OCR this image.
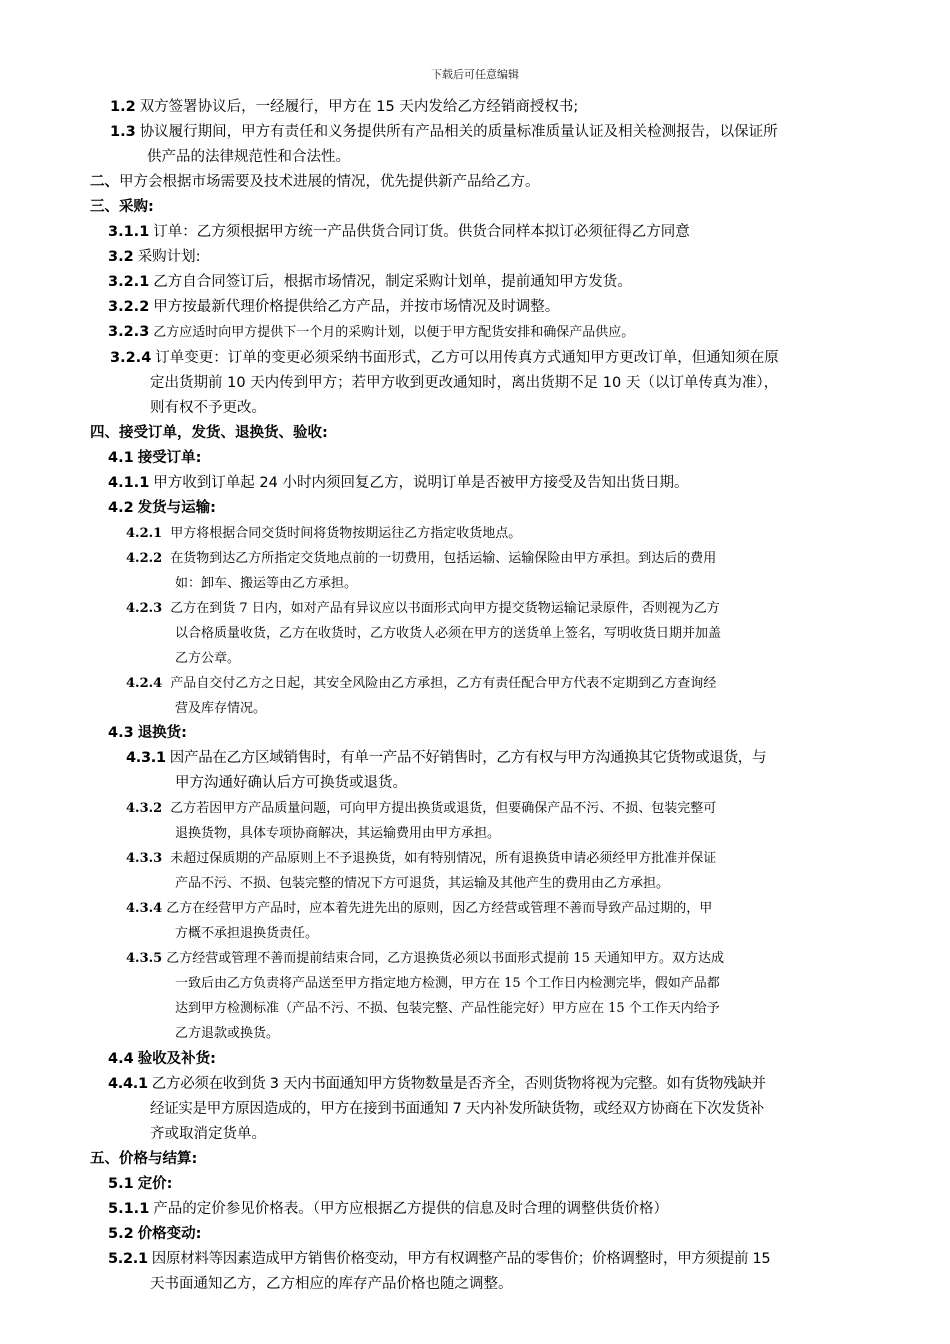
下载后可任意编辑
1.2 双方签署协议后，一经履行，甲方在 15 天内发给乙方经销商授权书;
1.3 协议履行期间，甲方有责任和义务提供所有产品相关的质量标准质量认证及相关检测报告，以保证所
供产品的法律规范性和合法性。
二、甲方会根据市场需要及技术进展的情况，优先提供新产品给乙方。
三、采购:
3.1.1 订单：乙方须根据甲方统一产品供货合同订货。供货合同样本拟订必须征得乙方同意
3.2 采购计划:
3.2.1 乙方自合同签订后，根据市场情况，制定采购计划单，提前通知甲方发货。
3.2.2 甲方按最新代理价格提供给乙方产品，并按市场情况及时调整。
3.2.3 乙方应适时向甲方提供下一个月的采购计划，以便于甲方配货安排和确保产品供应。
3.2.4 订单变更：订单的变更必须采纳书面形式，乙方可以用传真方式通知甲方更改订单，但通知须在原
定出货期前 10 天内传到甲方；若甲方收到更改通知时，离出货期不足 10 天（以订单传真为准），
则有权不予更改。
四、接受订单，发货、退换货、验收:
4.1 接受订单:
4.1.1 甲方收到订单起 24 小时内须回复乙方，说明订单是否被甲方接受及告知出货日期。
4.2 发货与运输:
4.2.1 甲方将根据合同交货时间将货物按期运往乙方指定收货地点。
4.2.2 在货物到达乙方所指定交货地点前的一切费用，包括运输、运输保险由甲方承担。到达后的费用
如：卸车、搬运等由乙方承担。
4.2.3 乙方在到货 7 日内，如对产品有异议应以书面形式向甲方提交货物运输记录原件，否则视为乙方
以合格质量收货，乙方在收货时，乙方收货人必须在甲方的送货单上签名，写明收货日期并加盖
乙方公章。
4.2.4 产品自交付乙方之日起，其安全风险由乙方承担，乙方有责任配合甲方代表不定期到乙方查询经
营及库存情况。
4.3 退换货:
4.3.1 因产品在乙方区域销售时，有单一产品不好销售时，乙方有权与甲方沟通换其它货物或退货，与
甲方沟通好确认后方可换货或退货。
4.3.2 乙方若因甲方产品质量问题，可向甲方提出换货或退货，但要确保产品不污、不损、包装完整可
退换货物，具体专项协商解决，其运输费用由甲方承担。
4.3.3 未超过保质期的产品原则上不予退换货，如有特别情况，所有退换货申请必须经甲方批准并保证
产品不污、不损、包装完整的情况下方可退货，其运输及其他产生的费用由乙方承担。
4.3.4 乙方在经营甲方产品时，应本着先进先出的原则，因乙方经营或管理不善而导致产品过期的，甲
方概不承担退换货责任。
4.3.5 乙方经营或管理不善而提前结束合同，乙方退换货必须以书面形式提前 15 天通知甲方。双方达成
一致后由乙方负责将产品送至甲方指定地方检测，甲方在 15 个工作日内检测完毕，假如产品都
达到甲方检测标准（产品不污、不损、包装完整、产品性能完好）甲方应在 15 个工作天内给予
乙方退款或换货。
4.4 验收及补货:
4.4.1 乙方必须在收到货 3 天内书面通知甲方货物数量是否齐全，否则货物将视为完整。如有货物残缺并
经证实是甲方原因造成的，甲方在接到书面通知 7 天内补发所缺货物，或经双方协商在下次发货补
齐或取消定货单。
五、价格与结算:
5.1 定价:
5.1.1 产品的定价参见价格表。（甲方应根据乙方提供的信息及时合理的调整供货价格）
5.2 价格变动:
5.2.1 因原材料等因素造成甲方销售价格变动，甲方有权调整产品的零售价；价格调整时，甲方须提前 15
天书面通知乙方，乙方相应的库存产品价格也随之调整。
